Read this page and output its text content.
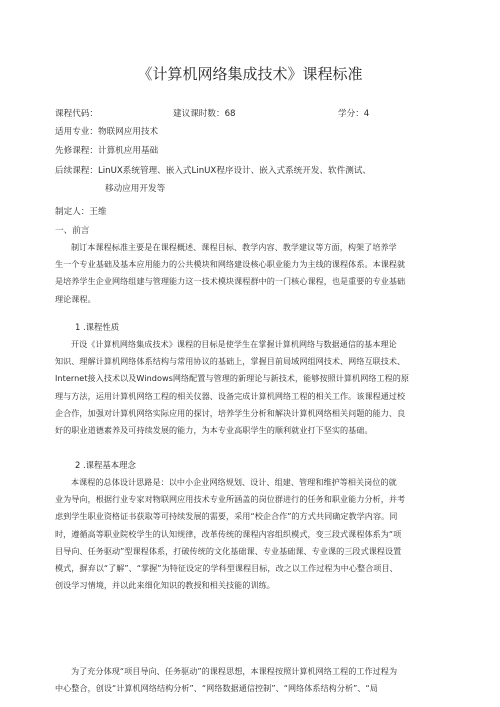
《计算机网络集成技术》课程标准
课程代码：	建议课时数：68	学分：4
适用专业：物联网应用技术
先修课程：计算机应用基础
后续课程：LinUX系统管理、嵌入式LinUX程序设计、嵌入式系统开发、软件测试、
移动应用开发等
制定人：王维
一、前言
制订本课程标准主要是在课程概述、课程目标、教学内容、教学建议等方面，构架了培养学
生一个专业基础及基本应用能力的公共模块和网络建设核心职业能力为主线的课程体系。本课程就
是培养学生企业网络组建与管理能力这一技术模块课程群中的一门核心课程，也是重要的专业基础
理论课程。
1 .课程性质
开设《计算机网络集成技术》课程的目标是使学生在掌握计算机网络与数据通信的基本理论
知识、理解计算机网络体系结构与常用协议的基础上，掌握目前局域网组网技术、网络互联技术、
Internet接入技术以及Windows网络配置与管理的新理论与新技术，能够按照计算机网络工程的原
理与方法，运用计算机网络工程的相关仪器、设备完成计算机网络工程的相关工作。该课程通过校
企合作，加强对计算机网络实际应用的探讨，培养学生分析和解决计算机网络相关问题的能力、良
好的职业道德素养及可持续发展的能力，为本专业高职学生的顺利就业打下坚实的基础。
2 .课程基本理念
本课程的总体设计思路是：以中小企业网络规划、设计、组建、管理和维护等相关岗位的就
业为导向，根据行业专家对物联网应用技术专业所涵盖的岗位群进行的任务和职业能力分析，并考
虑到学生职业资格证书获取等可持续发展的需要，采用“校企合作”的方式共同确定教学内容。同
时，遵循高等职业院校学生的认知规律，改革传统的课程内容组织模式，变三段式课程体系为“项
目导向、任务驱动”型课程体系，打破传统的文化基础课、专业基础课、专业课的三段式课程设置
模式，摒弃以“了解”、“掌握”为特征设定的学科型课程目标，改之以工作过程为中心整合项目、
创设学习情境，并以此来细化知识的教授和相关技能的训练。
为了充分体现“项目导向、任务驱动”的课程思想，本课程按照计算机网络工程的工作过程为
中心整合，创设“计算机网络结构分析”、“网络数据通信控制”、“网络体系结构分析”、“局
